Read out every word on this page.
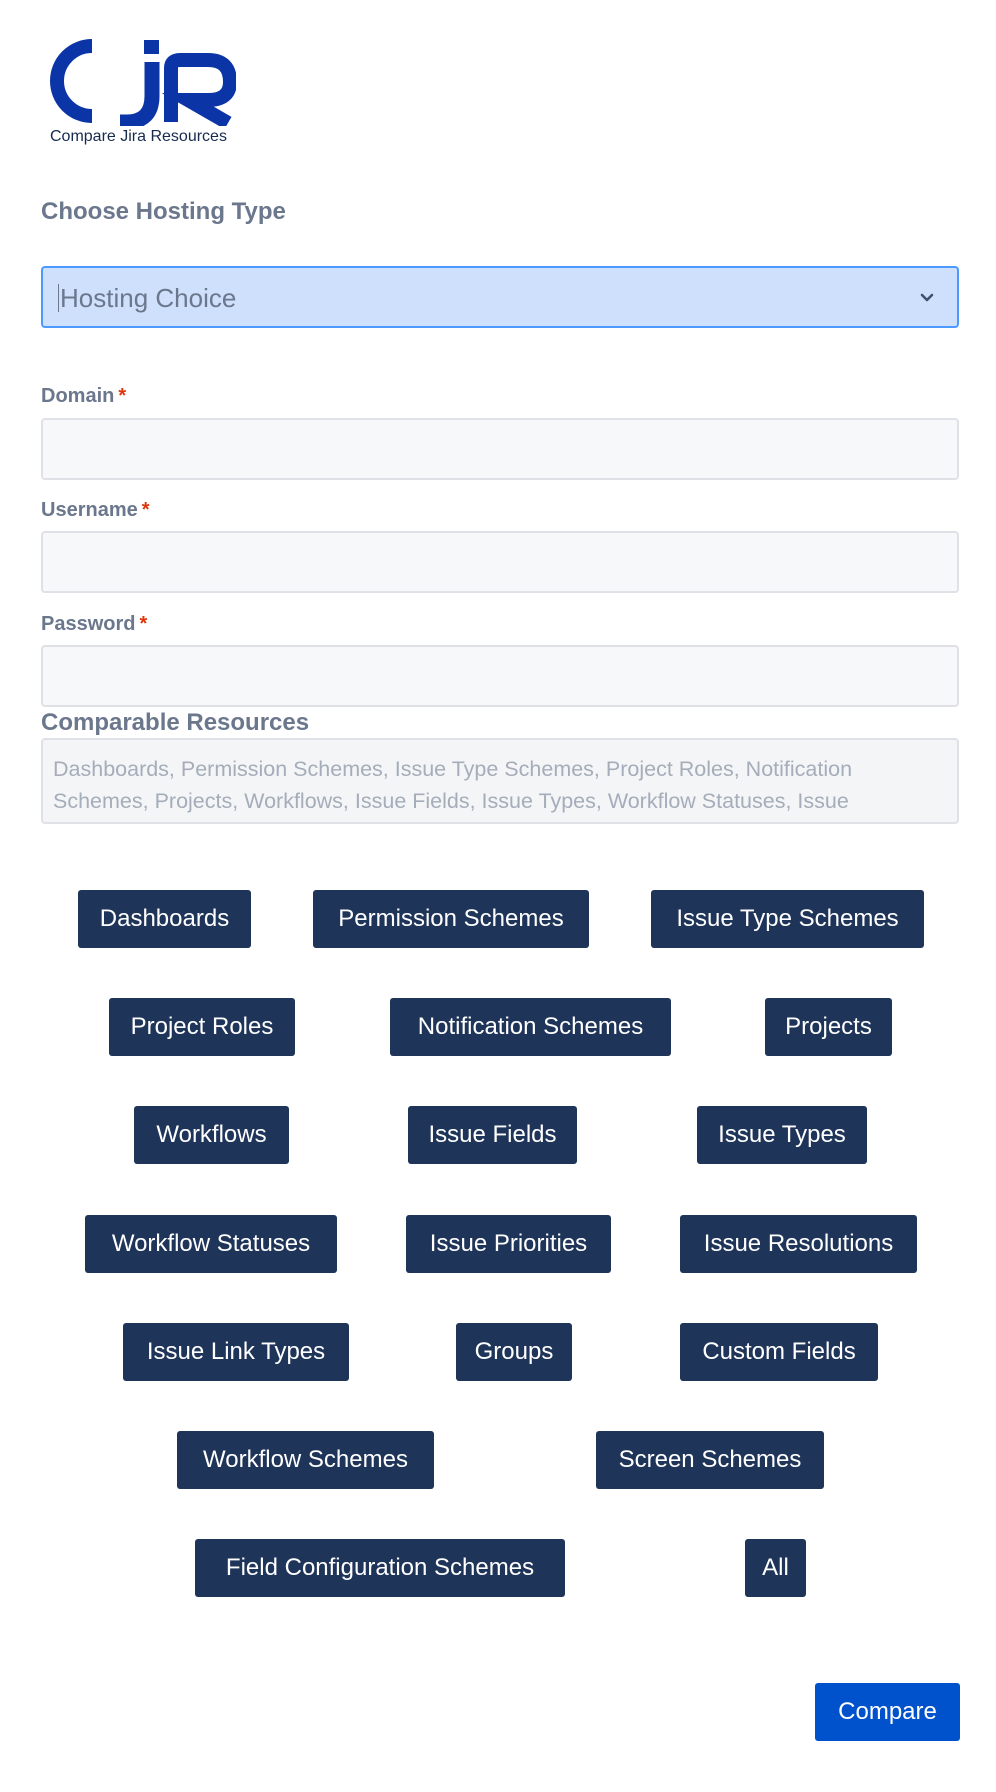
Compare Jira Resources
Choose Hosting Type
Hosting Choice
Domain *
Username *
Password *
Comparable Resources
Dashboards, Permission Schemes, Issue Type Schemes, Project Roles, Notification Schemes, Projects, Workflows, Issue Fields, Issue Types, Workflow Statuses, Issue
Dashboards	Permission Schemes	Issue Type Schemes
Project Roles	Notification Schemes	Projects
Workflows	Issue Fields	Issue Types
Workflow Statuses	Issue Priorities	Issue Resolutions
Issue Link Types	Groups	Custom Fields
Workflow Schemes	Screen Schemes
Field Configuration Schemes	All
Compare
